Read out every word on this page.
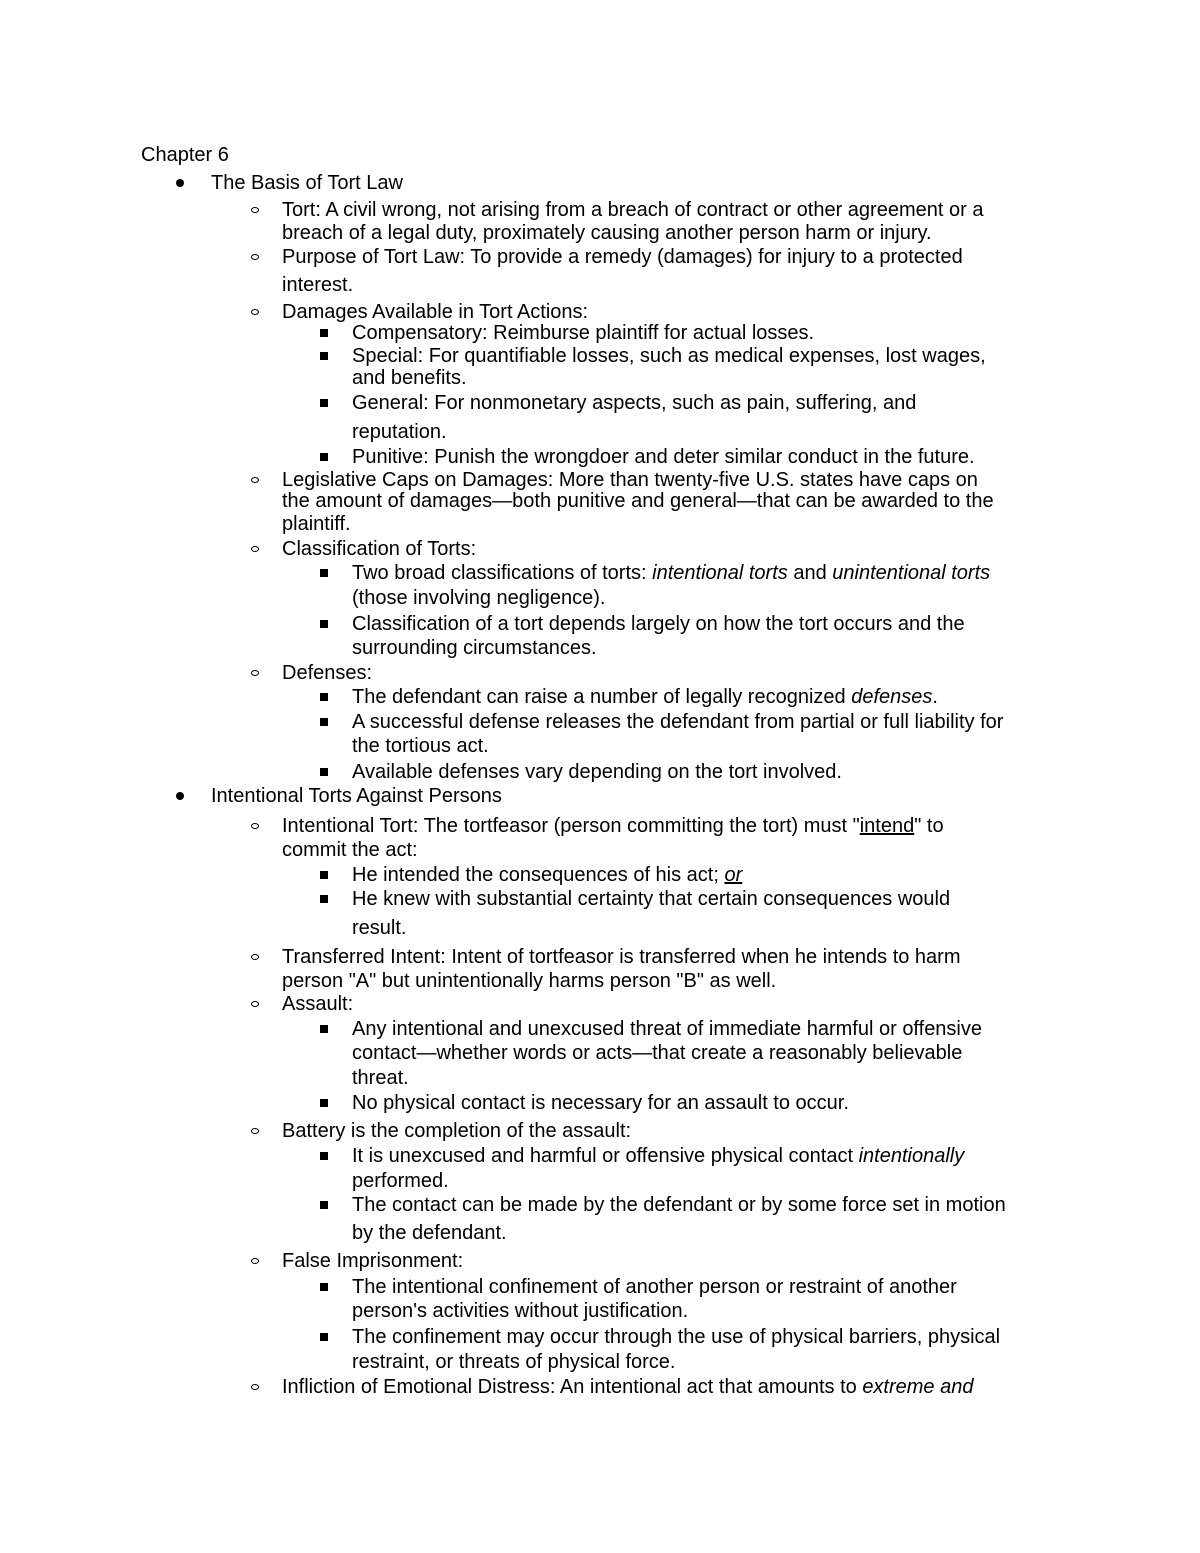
Chapter 6
The Basis of Tort Law
Tort: A civil wrong, not arising from a breach of contract or other agreement or a
breach of a legal duty, proximately causing another person harm or injury.
Purpose of Tort Law: To provide a remedy (damages) for injury to a protected
interest.
Damages Available in Tort Actions:
Compensatory: Reimburse plaintiff for actual losses.
Special: For quantifiable losses, such as medical expenses, lost wages,
and benefits.
General: For nonmonetary aspects, such as pain, suffering, and
reputation.
Punitive: Punish the wrongdoer and deter similar conduct in the future.
Legislative Caps on Damages: More than twenty-five U.S. states have caps on
the amount of damages—both punitive and general—that can be awarded to the
plaintiff.
Classification of Torts:
Two broad classifications of torts: intentional torts and unintentional torts
(those involving negligence).
Classification of a tort depends largely on how the tort occurs and the
surrounding circumstances.
Defenses:
The defendant can raise a number of legally recognized defenses.
A successful defense releases the defendant from partial or full liability for
the tortious act.
Available defenses vary depending on the tort involved.
Intentional Torts Against Persons
Intentional Tort: The tortfeasor (person committing the tort) must "intend" to
commit the act:
He intended the consequences of his act; or
He knew with substantial certainty that certain consequences would
result.
Transferred Intent: Intent of tortfeasor is transferred when he intends to harm
person "A" but unintentionally harms person "B" as well.
Assault:
Any intentional and unexcused threat of immediate harmful or offensive
contact—whether words or acts—that create a reasonably believable
threat.
No physical contact is necessary for an assault to occur.
Battery is the completion of the assault:
It is unexcused and harmful or offensive physical contact intentionally
performed.
The contact can be made by the defendant or by some force set in motion
by the defendant.
False Imprisonment:
The intentional confinement of another person or restraint of another
person's activities without justification.
The confinement may occur through the use of physical barriers, physical
restraint, or threats of physical force.
Infliction of Emotional Distress: An intentional act that amounts to extreme and
